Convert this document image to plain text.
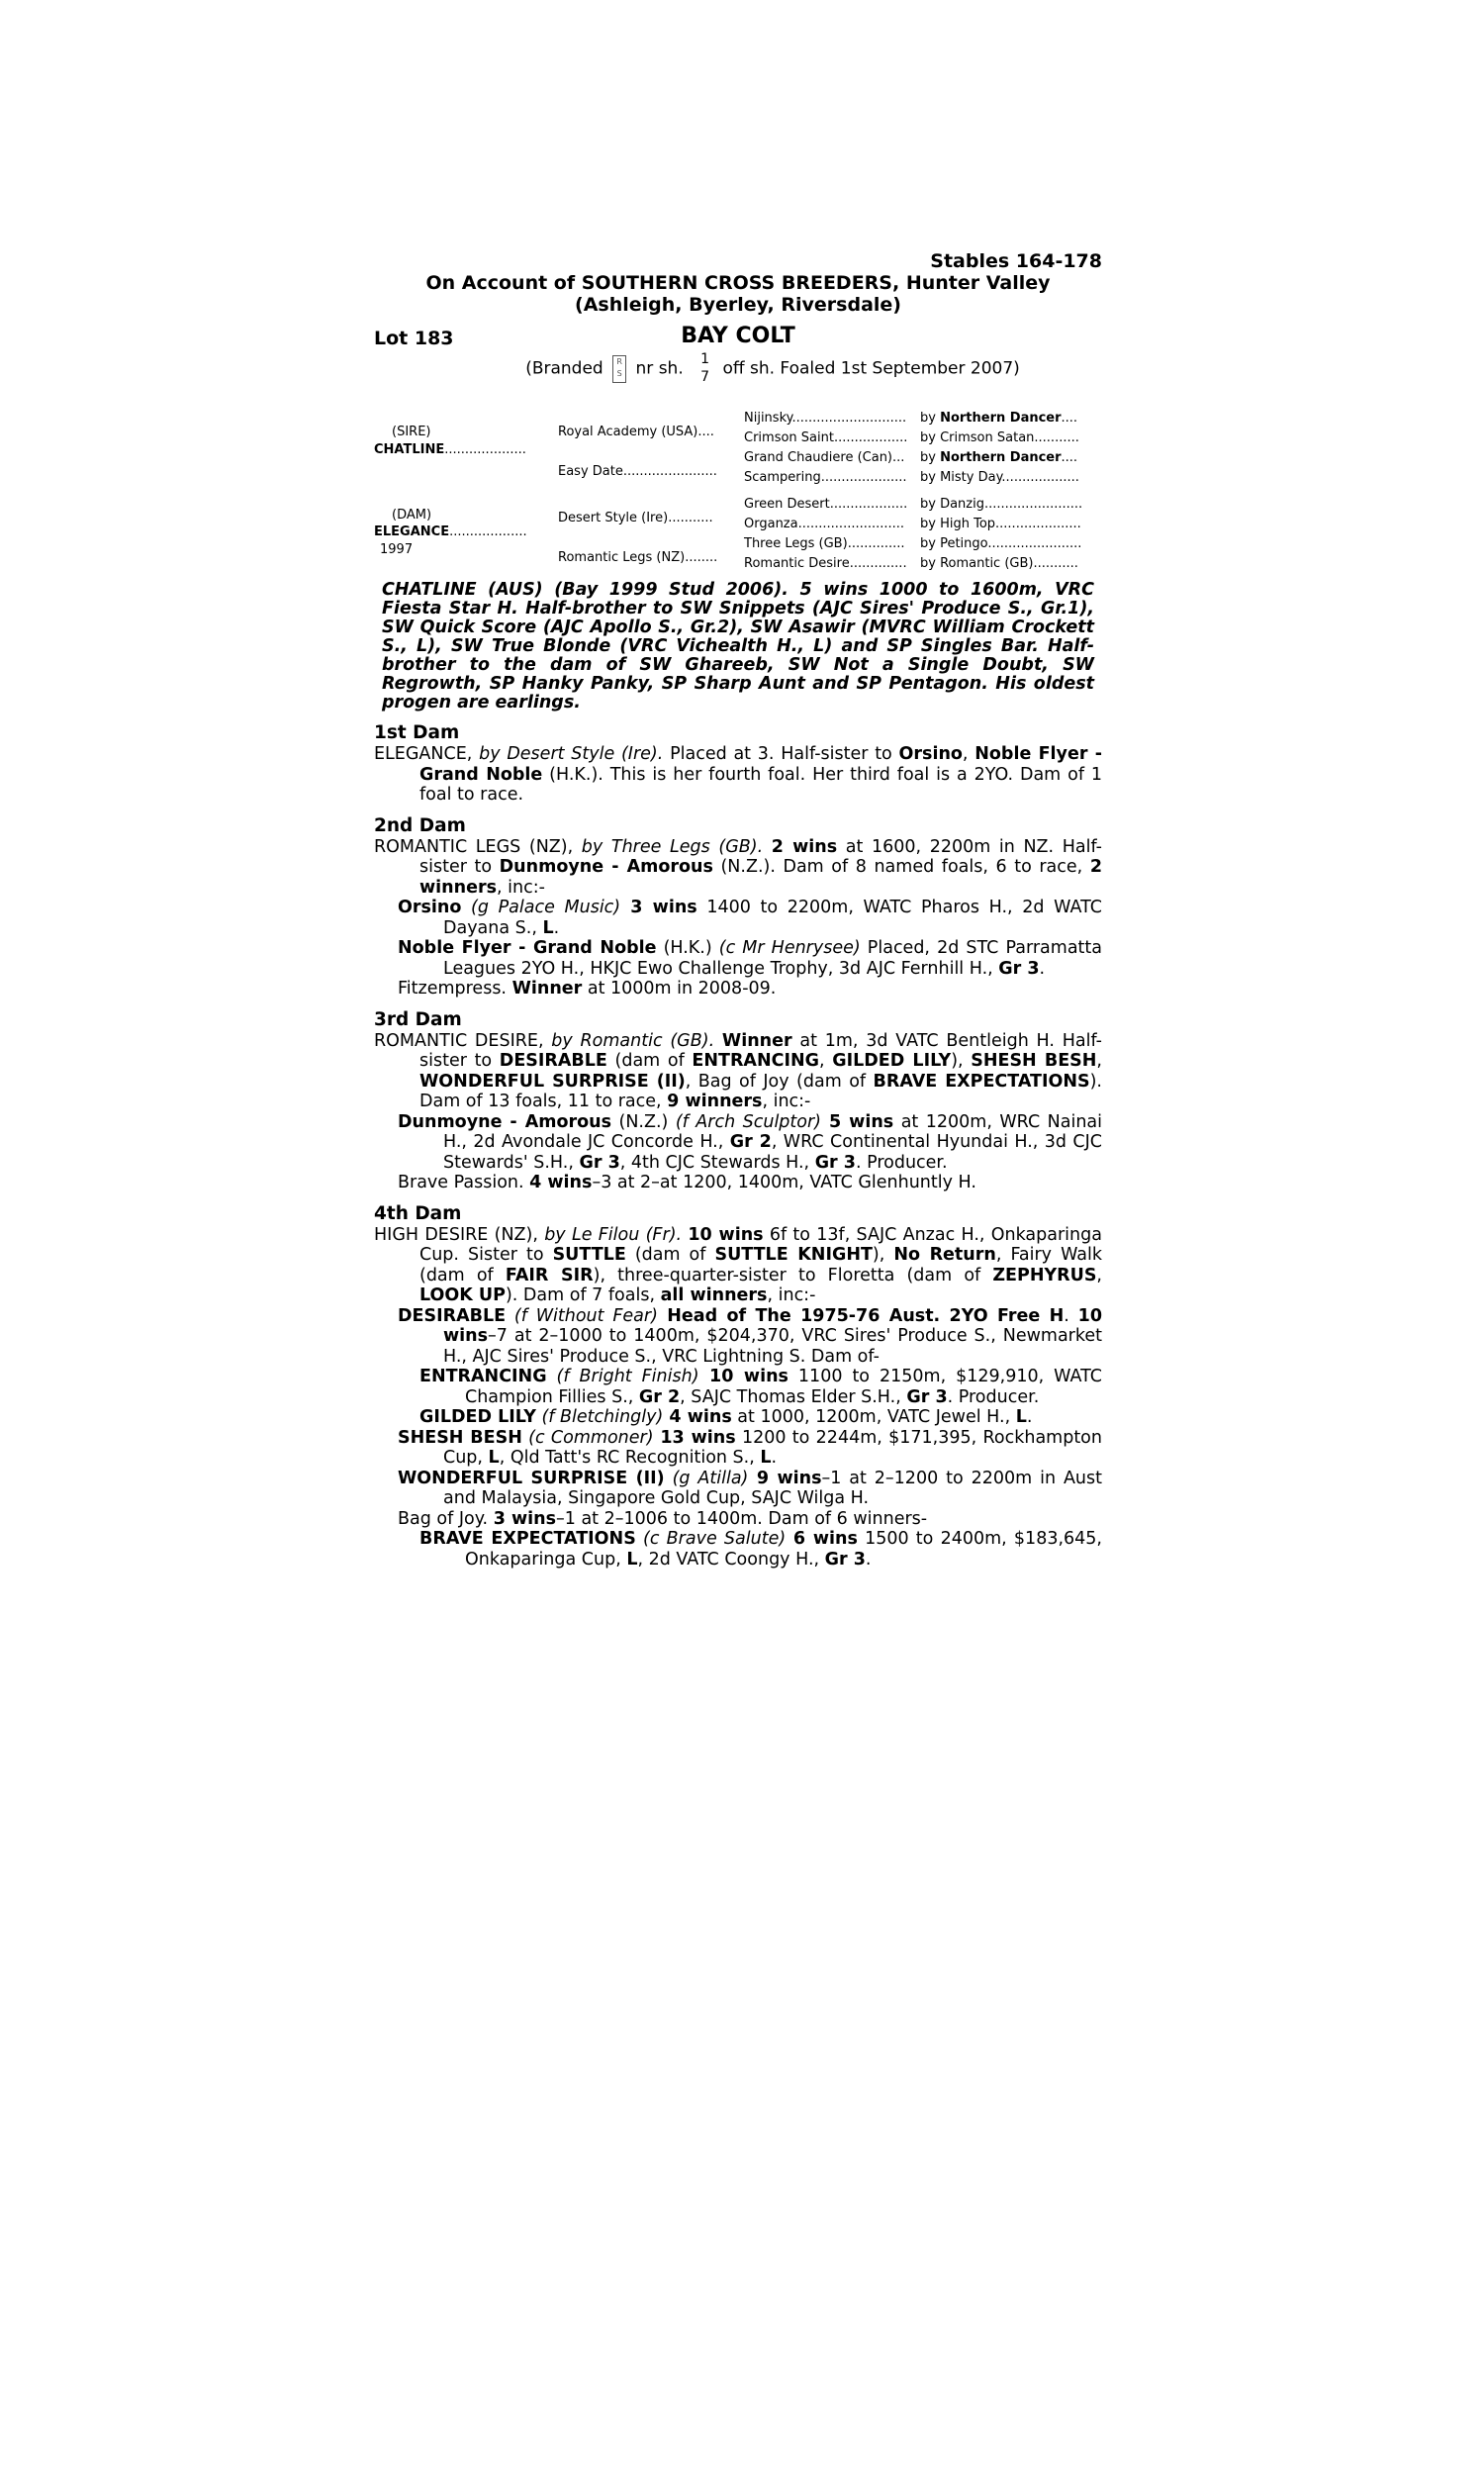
Stables 164-178
On Account of SOUTHERN CROSS BREEDERS, Hunter Valley
(Ashleigh, Byerley, Riversdale)
Lot 183	BAY COLT
(Branded R
S nr sh. 1
7 off sh. Foaled 1st September 2007)
(SIRE)
CHATLINE....................
(DAM)
ELEGANCE...................
1997
Royal Academy (USA)....
Easy Date.......................
Desert Style (Ire)...........
Romantic Legs (NZ)........
Nijinsky............................
Crimson Saint..................
Grand Chaudiere (Can)...
Scampering.....................
Green Desert...................
Organza..........................
Three Legs (GB)..............
Romantic Desire..............
by Northern Dancer....
by Crimson Satan...........
by Northern Dancer....
by Misty Day...................
by Danzig........................
by High Top.....................
by Petingo.......................
by Romantic (GB)...........
CHATLINE (AUS) (Bay 1999 Stud 2006). 5 wins 1000 to 1600m, VRC Fiesta Star H. Half-brother to SW Snippets (AJC Sires' Produce S., Gr.1), SW Quick Score (AJC Apollo S., Gr.2), SW Asawir (MVRC William Crockett S., L), SW True Blonde (VRC Vichealth H., L) and SP Singles Bar. Half-brother to the dam of SW Ghareeb, SW Not a Single Doubt, SW Regrowth, SP Hanky Panky, SP Sharp Aunt and SP Pentagon. His oldest progen are earlings.
1st Dam
ELEGANCE, by Desert Style (Ire). Placed at 3. Half-sister to Orsino, Noble Flyer - Grand Noble (H.K.). This is her fourth foal. Her third foal is a 2YO. Dam of 1 foal to race.
2nd Dam
ROMANTIC LEGS (NZ), by Three Legs (GB). 2 wins at 1600, 2200m in NZ. Half-sister to Dunmoyne - Amorous (N.Z.). Dam of 8 named foals, 6 to race, 2 winners, inc:-
Orsino (g Palace Music) 3 wins 1400 to 2200m, WATC Pharos H., 2d WATC Dayana S., L.
Noble Flyer - Grand Noble (H.K.) (c Mr Henrysee) Placed, 2d STC Parramatta Leagues 2YO H., HKJC Ewo Challenge Trophy, 3d AJC Fernhill H., Gr 3.
Fitzempress. Winner at 1000m in 2008-09.
3rd Dam
ROMANTIC DESIRE, by Romantic (GB). Winner at 1m, 3d VATC Bentleigh H. Half-sister to DESIRABLE (dam of ENTRANCING, GILDED LILY), SHESH BESH, WONDERFUL SURPRISE (II), Bag of Joy (dam of BRAVE EXPECTATIONS). Dam of 13 foals, 11 to race, 9 winners, inc:-
Dunmoyne - Amorous (N.Z.) (f Arch Sculptor) 5 wins at 1200m, WRC Nainai H., 2d Avondale JC Concorde H., Gr 2, WRC Continental Hyundai H., 3d CJC Stewards' S.H., Gr 3, 4th CJC Stewards H., Gr 3. Producer.
Brave Passion. 4 wins–3 at 2–at 1200, 1400m, VATC Glenhuntly H.
4th Dam
HIGH DESIRE (NZ), by Le Filou (Fr). 10 wins 6f to 13f, SAJC Anzac H., Onkaparinga Cup. Sister to SUTTLE (dam of SUTTLE KNIGHT), No Return, Fairy Walk (dam of FAIR SIR), three-quarter-sister to Floretta (dam of ZEPHYRUS, LOOK UP). Dam of 7 foals, all winners, inc:-
DESIRABLE (f Without Fear) Head of The 1975-76 Aust. 2YO Free H. 10 wins–7 at 2–1000 to 1400m, $204,370, VRC Sires' Produce S., Newmarket H., AJC Sires' Produce S., VRC Lightning S. Dam of-
ENTRANCING (f Bright Finish) 10 wins 1100 to 2150m, $129,910, WATC Champion Fillies S., Gr 2, SAJC Thomas Elder S.H., Gr 3. Producer.
GILDED LILY (f Bletchingly) 4 wins at 1000, 1200m, VATC Jewel H., L.
SHESH BESH (c Commoner) 13 wins 1200 to 2244m, $171,395, Rockhampton Cup, L, Qld Tatt's RC Recognition S., L.
WONDERFUL SURPRISE (II) (g Atilla) 9 wins–1 at 2–1200 to 2200m in Aust and Malaysia, Singapore Gold Cup, SAJC Wilga H.
Bag of Joy. 3 wins–1 at 2–1006 to 1400m. Dam of 6 winners-
BRAVE EXPECTATIONS (c Brave Salute) 6 wins 1500 to 2400m, $183,645, Onkaparinga Cup, L, 2d VATC Coongy H., Gr 3.
